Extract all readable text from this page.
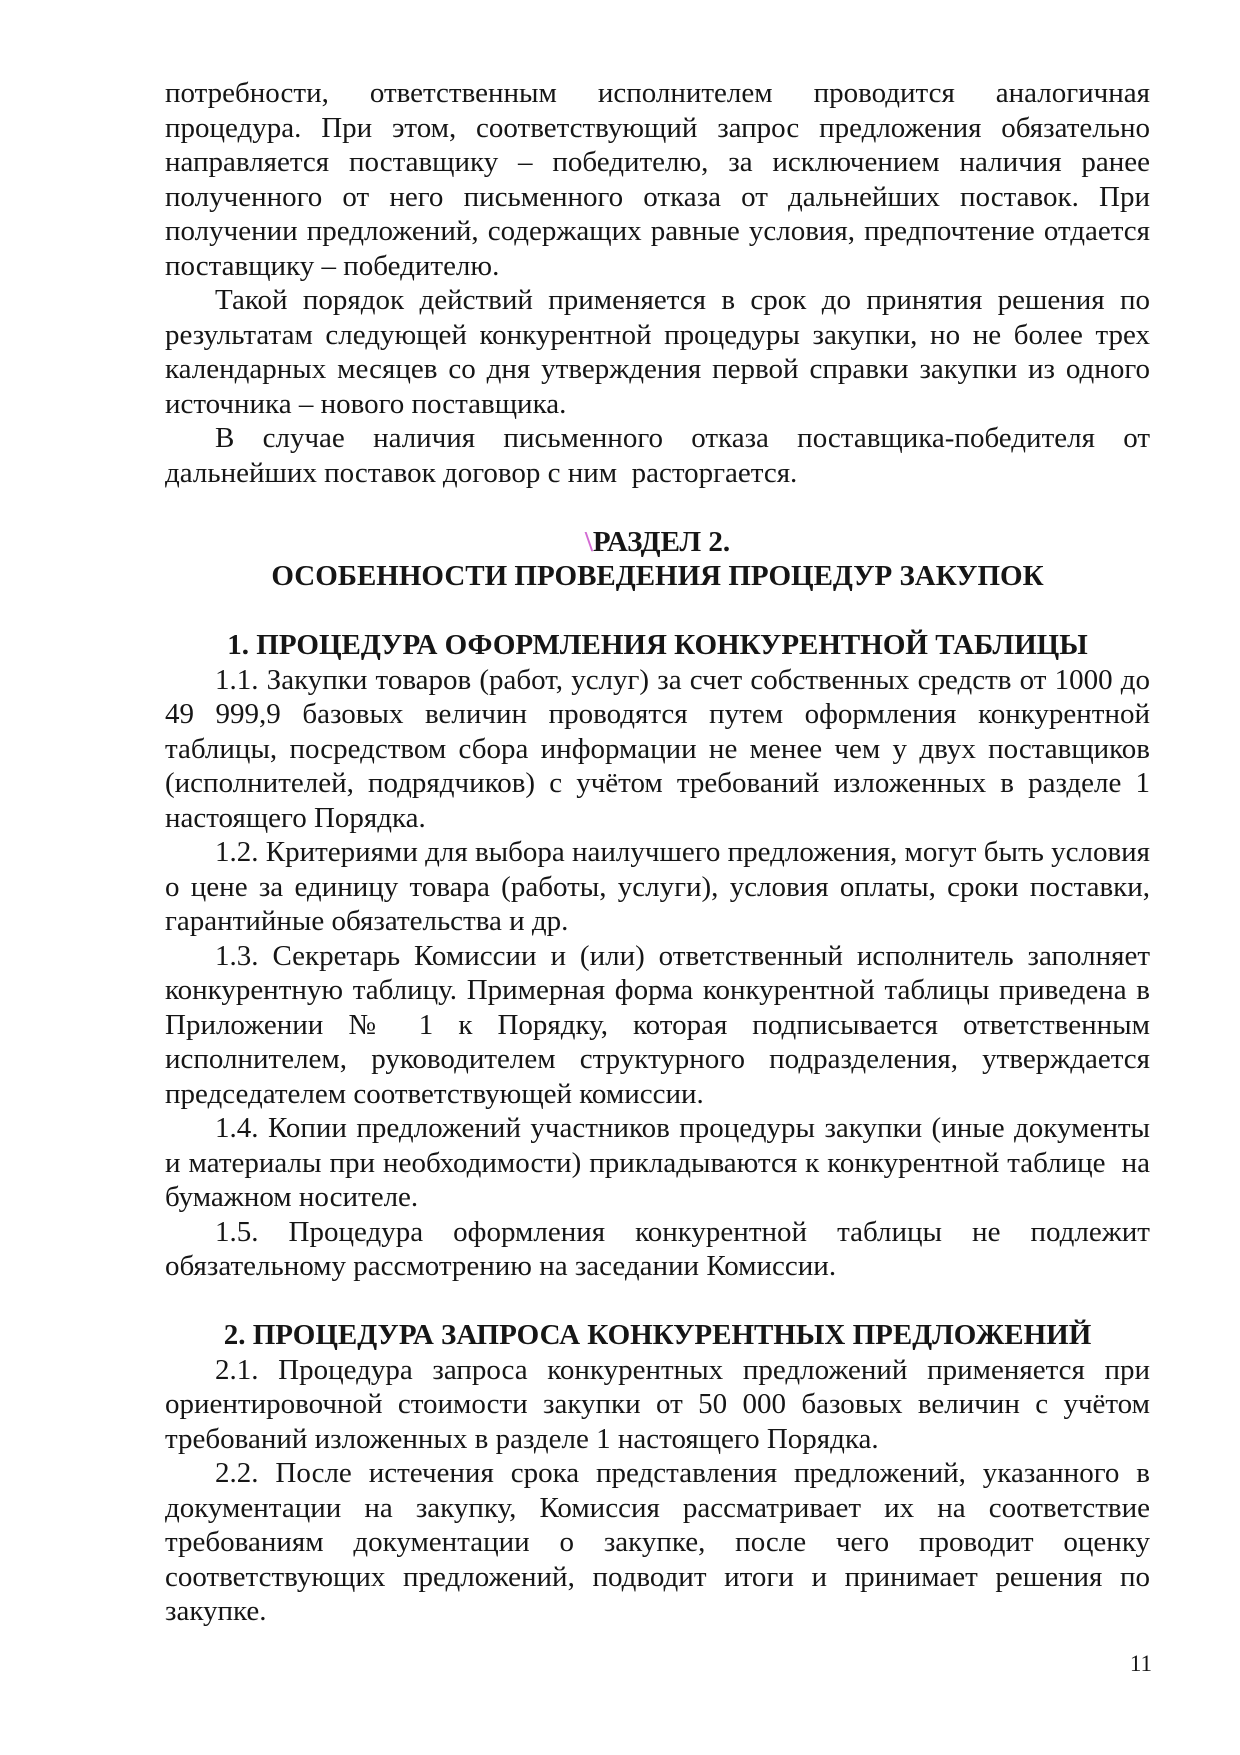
потребности, ответственным исполнителем проводится аналогичная процедура. При этом, соответствующий запрос предложения обязательно направляется поставщику – победителю, за исключением наличия ранее полученного от него письменного отказа от дальнейших поставок. При получении предложений, содержащих равные условия, предпочтение отдается поставщику – победителю.

Такой порядок действий применяется в срок до принятия решения по результатам следующей конкурентной процедуры закупки, но не более трех календарных месяцев со дня утверждения первой справки закупки из одного источника – нового поставщика.

В случае наличия письменного отказа поставщика-победителя от дальнейших поставок договор с ним  расторгается.

\РАЗДЕЛ 2.
ОСОБЕННОСТИ ПРОВЕДЕНИЯ ПРОЦЕДУР ЗАКУПОК
1. ПРОЦЕДУРА ОФОРМЛЕНИЯ КОНКУРЕНТНОЙ ТАБЛИЦЫ

1.1. Закупки товаров (работ, услуг) за счет собственных средств от 1000 до 49 999,9 базовых величин проводятся путем оформления конкурентной таблицы, посредством сбора информации не менее чем у двух поставщиков (исполнителей, подрядчиков) с учётом требований изложенных в разделе 1 настоящего Порядка.

1.2. Критериями для выбора наилучшего предложения, могут быть условия о цене за единицу товара (работы, услуги), условия оплаты, сроки поставки, гарантийные обязательства и др.

1.3. Секретарь Комиссии и (или) ответственный исполнитель заполняет конкурентную таблицу. Примерная форма конкурентной таблицы приведена в Приложении № 1 к Порядку, которая подписывается ответственным исполнителем, руководителем структурного подразделения, утверждается председателем соответствующей комиссии.

1.4. Копии предложений участников процедуры закупки (иные документы и материалы при необходимости) прикладываются к конкурентной таблице  на бумажном носителе.

1.5. Процедура оформления конкурентной таблицы не подлежит обязательному рассмотрению на заседании Комиссии.

2. ПРОЦЕДУРА ЗАПРОСА КОНКУРЕНТНЫХ ПРЕДЛОЖЕНИЙ

2.1. Процедура запроса конкурентных предложений применяется при ориентировочной стоимости закупки от 50 000 базовых величин с учётом требований изложенных в разделе 1 настоящего Порядка.

2.2. После истечения срока представления предложений, указанного в документации на закупку, Комиссия рассматривает их на соответствие требованиям документации о закупке, после чего проводит оценку соответствующих предложений, подводит итоги и принимает решения по закупке.

11
